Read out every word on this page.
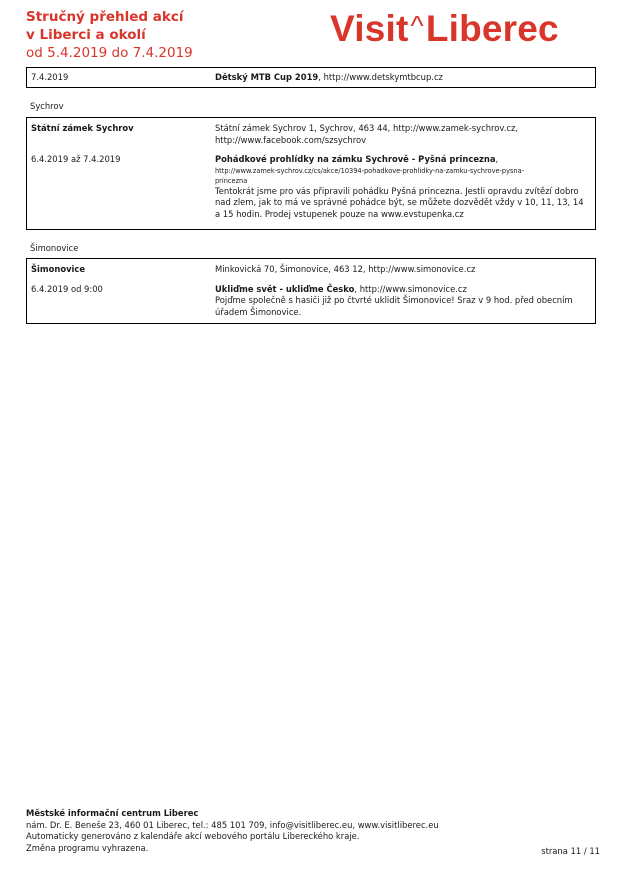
Stručný přehled akcí
v Liberci a okolí
od 5.4.2019 do 7.4.2019
Visit^Liberec
7.4.2019	Dětský MTB Cup 2019, http://www.detskymtbcup.cz
Sychrov
Státní zámek Sychrov	Státní zámek Sychrov 1, Sychrov, 463 44, http://www.zamek-sychrov.cz,
http://www.facebook.com/szsychrov
6.4.2019 až 7.4.2019	Pohádkové prohlídky na zámku Sychrově - Pyšná princezna,
http://www.zamek-sychrov.cz/cs/akce/10394-pohadkove-prohlidky-na-zamku-sychrove-pysna-
princezna
Tentokrát jsme pro vás připravili pohádku Pyšná princezna. Jestli opravdu zvítězí dobro nad zlem, jak to má ve správné pohádce být, se můžete dozvědět vždy v 10, 11, 13, 14 a 15 hodin. Prodej vstupenek pouze na www.evstupenka.cz
Šimonovice
Šimonovice	Minkovická 70, Šimonovice, 463 12, http://www.simonovice.cz
6.4.2019 od 9:00	Ukliďme svět - ukliďme Česko, http://www.simonovice.cz
Pojďme společně s hasiči již po čtvrté uklidit Šimonovice! Sraz v 9 hod. před obecním úřadem Šimonovice.
Městské informační centrum Liberec
nám. Dr. E. Beneše 23, 460 01 Liberec, tel.: 485 101 709, info@visitliberec.eu, www.visitliberec.eu
Automaticky generováno z kalendáře akcí webového portálu Libereckého kraje.
Změna programu vyhrazena.	strana 11 / 11
